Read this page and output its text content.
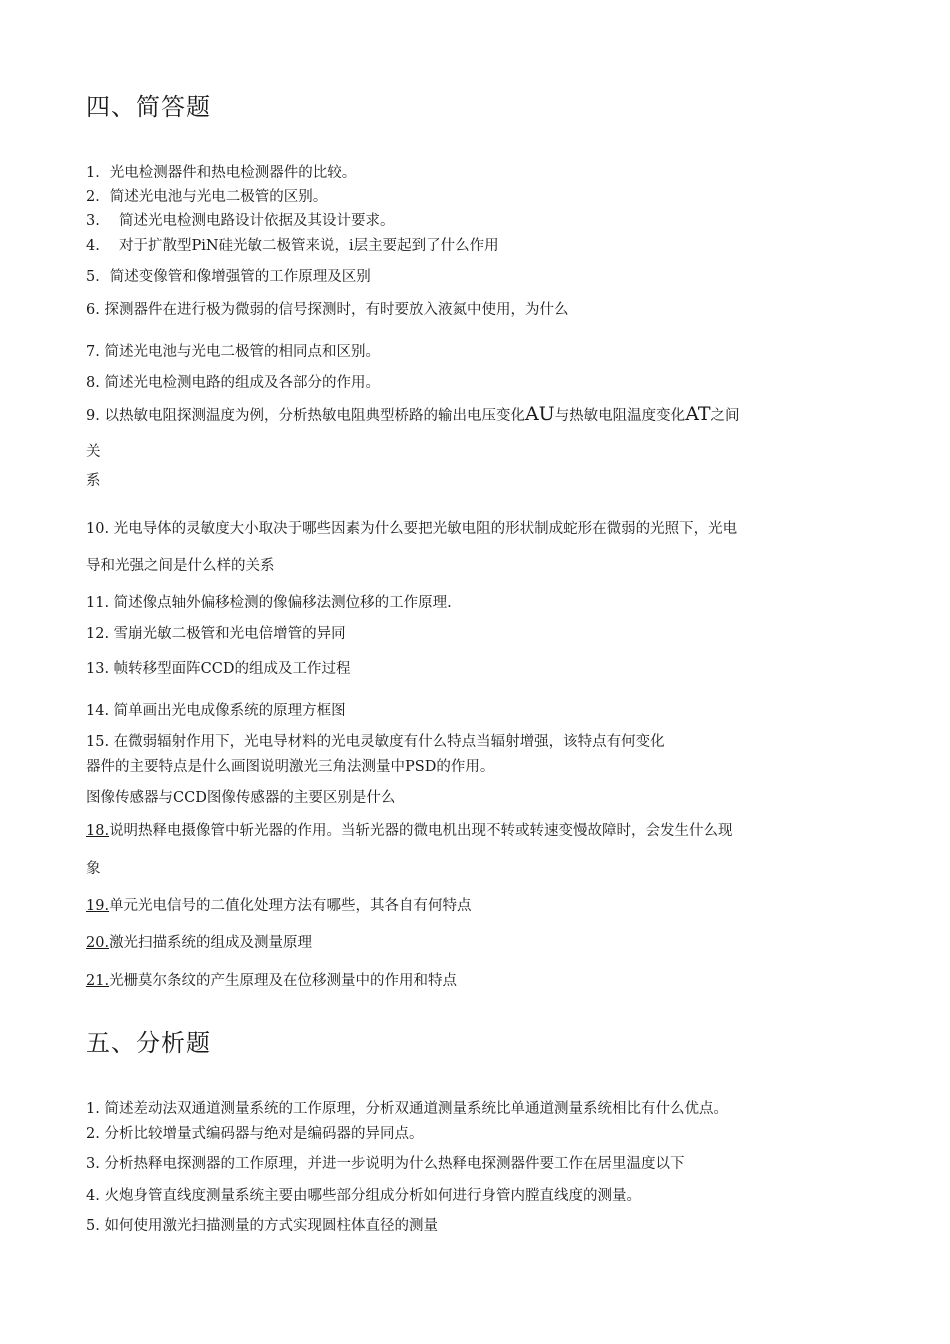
四、简答题
1．光电检测器件和热电检测器件的比较。
2．简述光电池与光电二极管的区别。
3.　 简述光电检测电路设计依据及其设计要求。
4.　 对于扩散型PiN硅光敏二极管来说，i层主要起到了什么作用
5．简述变像管和像增强管的工作原理及区别
6. 探测器件在进行极为微弱的信号探测时，有时要放入液氮中使用，为什么
7. 简述光电池与光电二极管的相同点和区别。
8. 简述光电检测电路的组成及各部分的作用。
9. 以热敏电阻探测温度为例，分析热敏电阻典型桥路的输出电压变化AU与热敏电阻温度变化AT之间
关
系
10. 光电导体的灵敏度大小取决于哪些因素为什么要把光敏电阻的形状制成蛇形在微弱的光照下，光电
导和光强之间是什么样的关系
11. 简述像点轴外偏移检测的像偏移法测位移的工作原理.
12. 雪崩光敏二极管和光电倍增管的异同
13. 帧转移型面阵CCD的组成及工作过程
14. 简单画出光电成像系统的原理方框图
15. 在微弱辐射作用下，光电导材料的光电灵敏度有什么特点当辐射增强，该特点有何变化
器件的主要特点是什么画图说明激光三角法测量中PSD的作用。
图像传感器与CCD图像传感器的主要区别是什么
18.说明热释电摄像管中斩光器的作用。当斩光器的微电机出现不转或转速变慢故障时，会发生什么现
象
19.单元光电信号的二值化处理方法有哪些，其各自有何特点
20.激光扫描系统的组成及测量原理
21.光栅莫尔条纹的产生原理及在位移测量中的作用和特点
五、分析题
1. 简述差动法双通道测量系统的工作原理，分析双通道测量系统比单通道测量系统相比有什么优点。
2. 分析比较增量式编码器与绝对是编码器的异同点。
3. 分析热释电探测器的工作原理，并进一步说明为什么热释电探测器件要工作在居里温度以下
4. 火炮身管直线度测量系统主要由哪些部分组成分析如何进行身管内膛直线度的测量。
5. 如何使用激光扫描测量的方式实现圆柱体直径的测量
